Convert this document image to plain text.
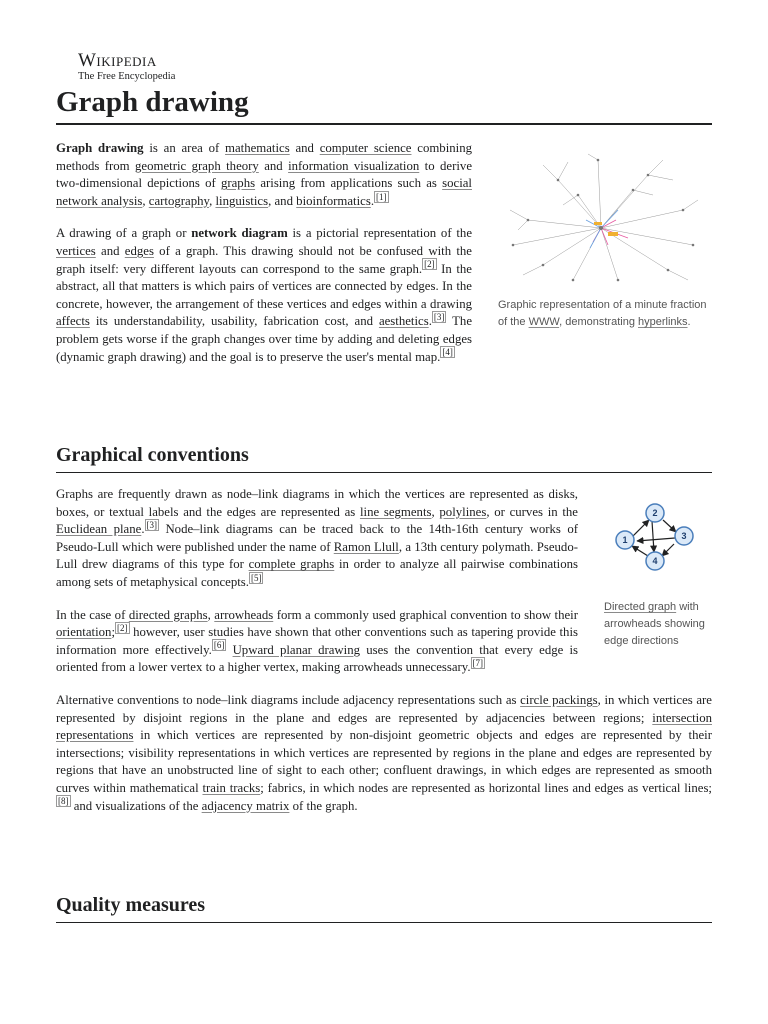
Wikipedia
The Free Encyclopedia
Graph drawing
Graphic representation of a minute fraction of the WWW, demonstrating hyperlinks.

Graph drawing is an area of mathematics and computer science combining methods from geometric graph theory and information visualization to derive two-dimensional depictions of graphs arising from applications such as social network analysis, cartography, linguistics, and bioinformatics. [1]

A drawing of a graph or network diagram is a pictorial representation of the vertices and edges of a graph. This drawing should not be confused with the graph itself: very different layouts can correspond to the same graph. [2] In the abstract, all that matters is which pairs of vertices are connected by edges. In the concrete, however, the arrangement of these vertices and edges within a drawing affects its understandability, usability, fabrication cost, and aesthetics. [3] The problem gets worse if the graph changes over time by adding and deleting edges (dynamic graph drawing) and the goal is to preserve the user's mental map. [4]

Graphical conventions
1
2
3
4
Directed graph with arrowheads showing edge directions

Graphs are frequently drawn as node–link diagrams in which the vertices are represented as disks, boxes, or textual labels and the edges are represented as line segments, polylines, or curves in the Euclidean plane. [3] Node–link diagrams can be traced back to the 14th-16th century works of Pseudo-Lull which were published under the name of Ramon Llull, a 13th century polymath. Pseudo-Lull drew diagrams of this type for complete graphs in order to analyze all pairwise combinations among sets of metaphysical concepts. [5]

In the case of directed graphs, arrowheads form a commonly used graphical convention to show their orientation; [2] however, user studies have shown that other conventions such as tapering provide this information more effectively. [6] Upward planar drawing uses the convention that every edge is oriented from a lower vertex to a higher vertex, making arrowheads unnecessary. [7]

Alternative conventions to node–link diagrams include adjacency representations such as circle packings, in which vertices are represented by disjoint regions in the plane and edges are represented by adjacencies between regions; intersection representations in which vertices are represented by non-disjoint geometric objects and edges are represented by their intersections; visibility representations in which vertices are represented by regions in the plane and edges are represented by regions that have an unobstructed line of sight to each other; confluent drawings, in which edges are represented as smooth curves within mathematical train tracks; fabrics, in which nodes are represented as horizontal lines and edges as vertical lines;[8] and visualizations of the adjacency matrix of the graph.

Quality measures
